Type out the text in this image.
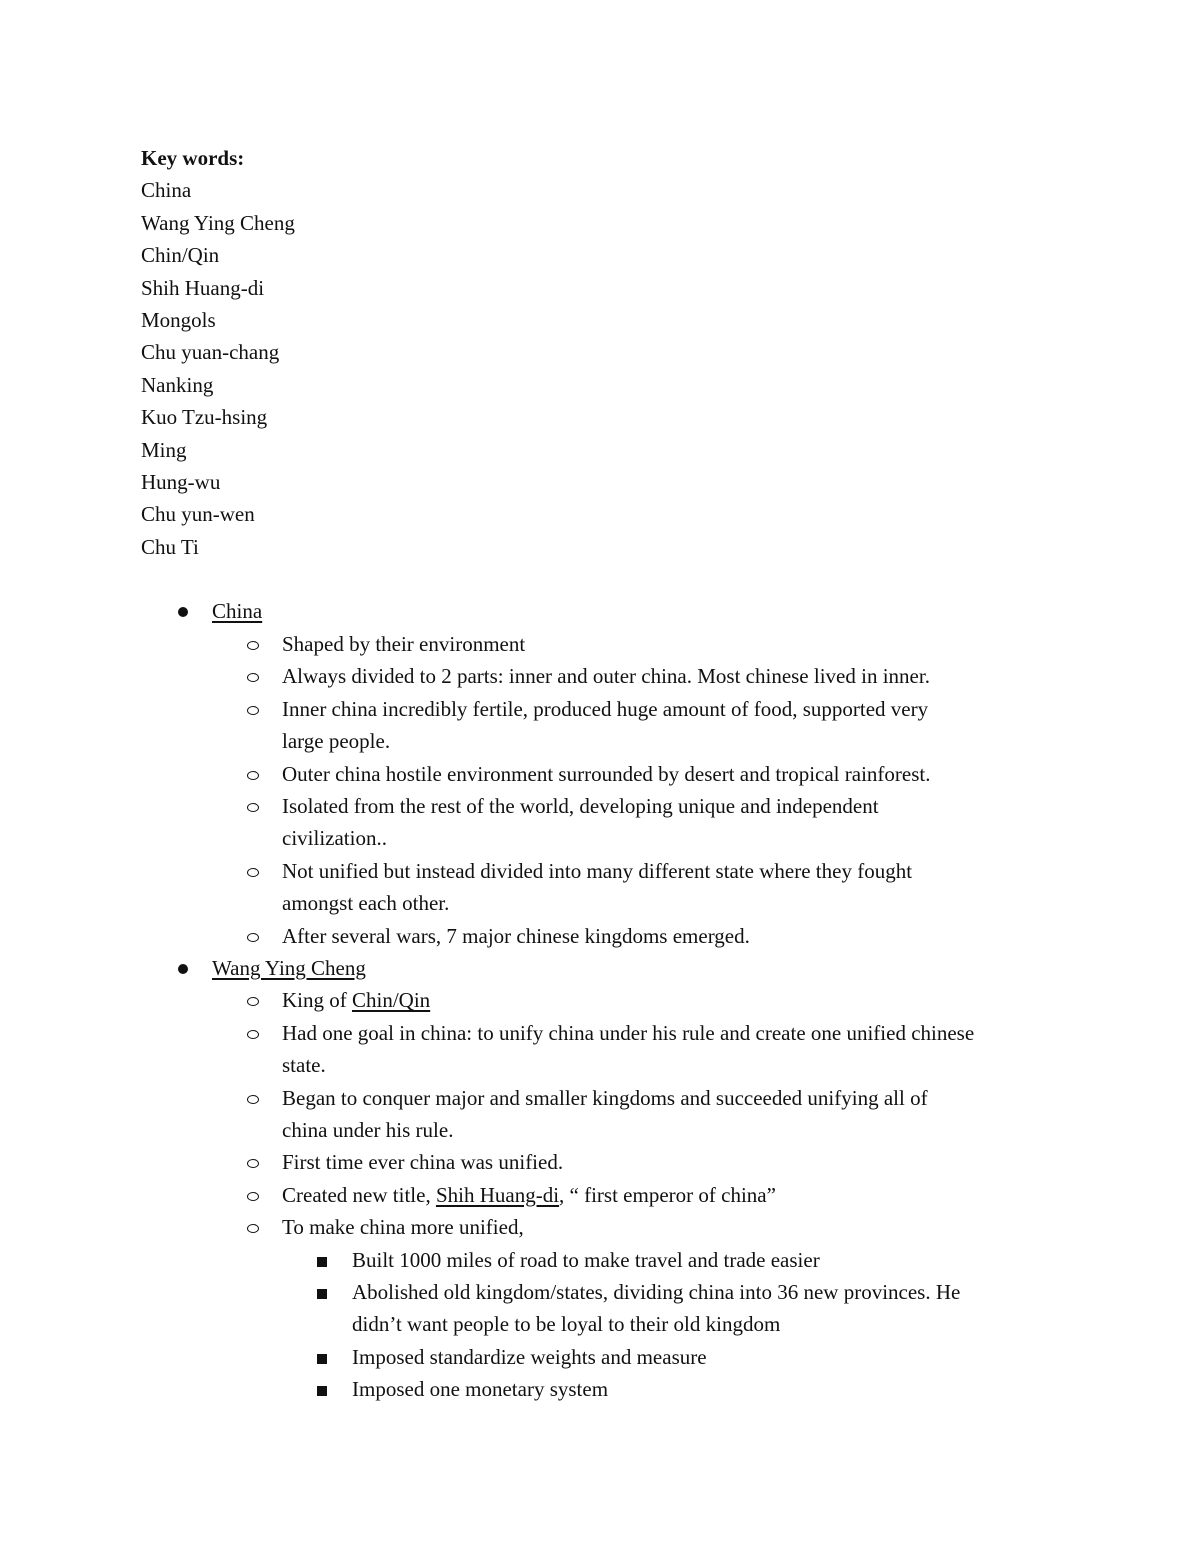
Key words:
China
Wang Ying Cheng
Chin/Qin
Shih Huang-di
Mongols
Chu yuan-chang
Nanking
Kuo Tzu-hsing
Ming
Hung-wu
Chu yun-wen
Chu Ti
China
Shaped by their environment
Always divided to 2 parts: inner and outer china. Most chinese lived in inner.
Inner china incredibly fertile, produced huge amount of food, supported very
large people.
Outer china hostile environment surrounded by desert and tropical rainforest.
Isolated from the rest of the world, developing unique and independent
civilization..
Not unified but instead divided into many different state where they fought
amongst each other.
After several wars, 7 major chinese kingdoms emerged.
Wang Ying Cheng
King of Chin/Qin
Had one goal in china: to unify china under his rule and create one unified chinese
state.
Began to conquer major and smaller kingdoms and succeeded unifying all of
china under his rule.
First time ever china was unified.
Created new title, Shih Huang-di, “ first emperor of china”
To make china more unified,
Built 1000 miles of road to make travel and trade easier
Abolished old kingdom/states, dividing china into 36 new provinces. He
didn’t want people to be loyal to their old kingdom
Imposed standardize weights and measure
Imposed one monetary system
